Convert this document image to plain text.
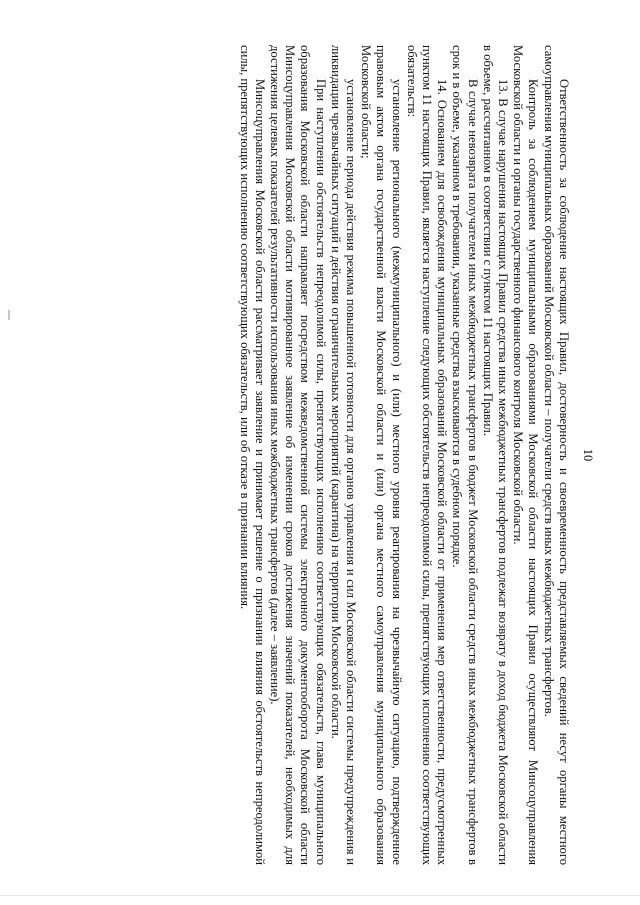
10

Ответственность за соблюдение настоящих Правил, достоверность и своевременность представляемых сведений несут органы местного самоуправления муниципальных образований Московской области – получатели средств иных межбюджетных трансфертов.

Контроль за соблюдением муниципальными образованиями Московской области настоящих Правил осуществляют Минсоцуправления Московской области и органы государственного финансового контроля Московской области.

13. В случае нарушения настоящих Правил средства иных межбюджетных трансфертов подлежат возврату в доход бюджета Московской области в объеме, рассчитанном в соответствии с пунктом 11 настоящих Правил.

В случае невозврата получателем иных межбюджетных трансфертов в бюджет Московской области средств иных межбюджетных трансфертов в срок и в объеме, указанном в требовании, указанные средства взыскиваются в судебном порядке.

14. Основанием для освобождения муниципальных образований Московской области от применения мер ответственности, предусмотренных пунктом 11 настоящих Правил, является наступление следующих обстоятельств непреодолимой силы, препятствующих исполнению соответствующих обязательств:

установление регионального (межмуниципального) и (или) местного уровня реагирования на чрезвычайную ситуацию, подтвержденное правовым актом органа государственной власти Московской области и (или) органа местного самоуправления муниципального образования Московской области;

установление периода действия режима повышенной готовности для органов управления и сил Московской области системы предупреждения и ликвидации чрезвычайных ситуаций и действия ограничительных мероприятий (карантина) на территории Московской области.

При наступлении обстоятельств непреодолимой силы, препятствующих исполнению соответствующих обязательств, глава муниципального образования Московской области направляет посредством межведомственной системы электронного документооборота Московской области Минсоцуправления Московской области мотивированное заявление об изменении сроков достижения значений показателей, необходимых для достижения целевых показателей результативности использования иных межбюджетных трансфертов (далее – заявление).

Минсоцуправления Московской области рассматривает заявление и принимает решение о признании влияния обстоятельств непреодолимой силы, препятствующих исполнению соответствующих обязательств, или об отказе в признании влияния.
